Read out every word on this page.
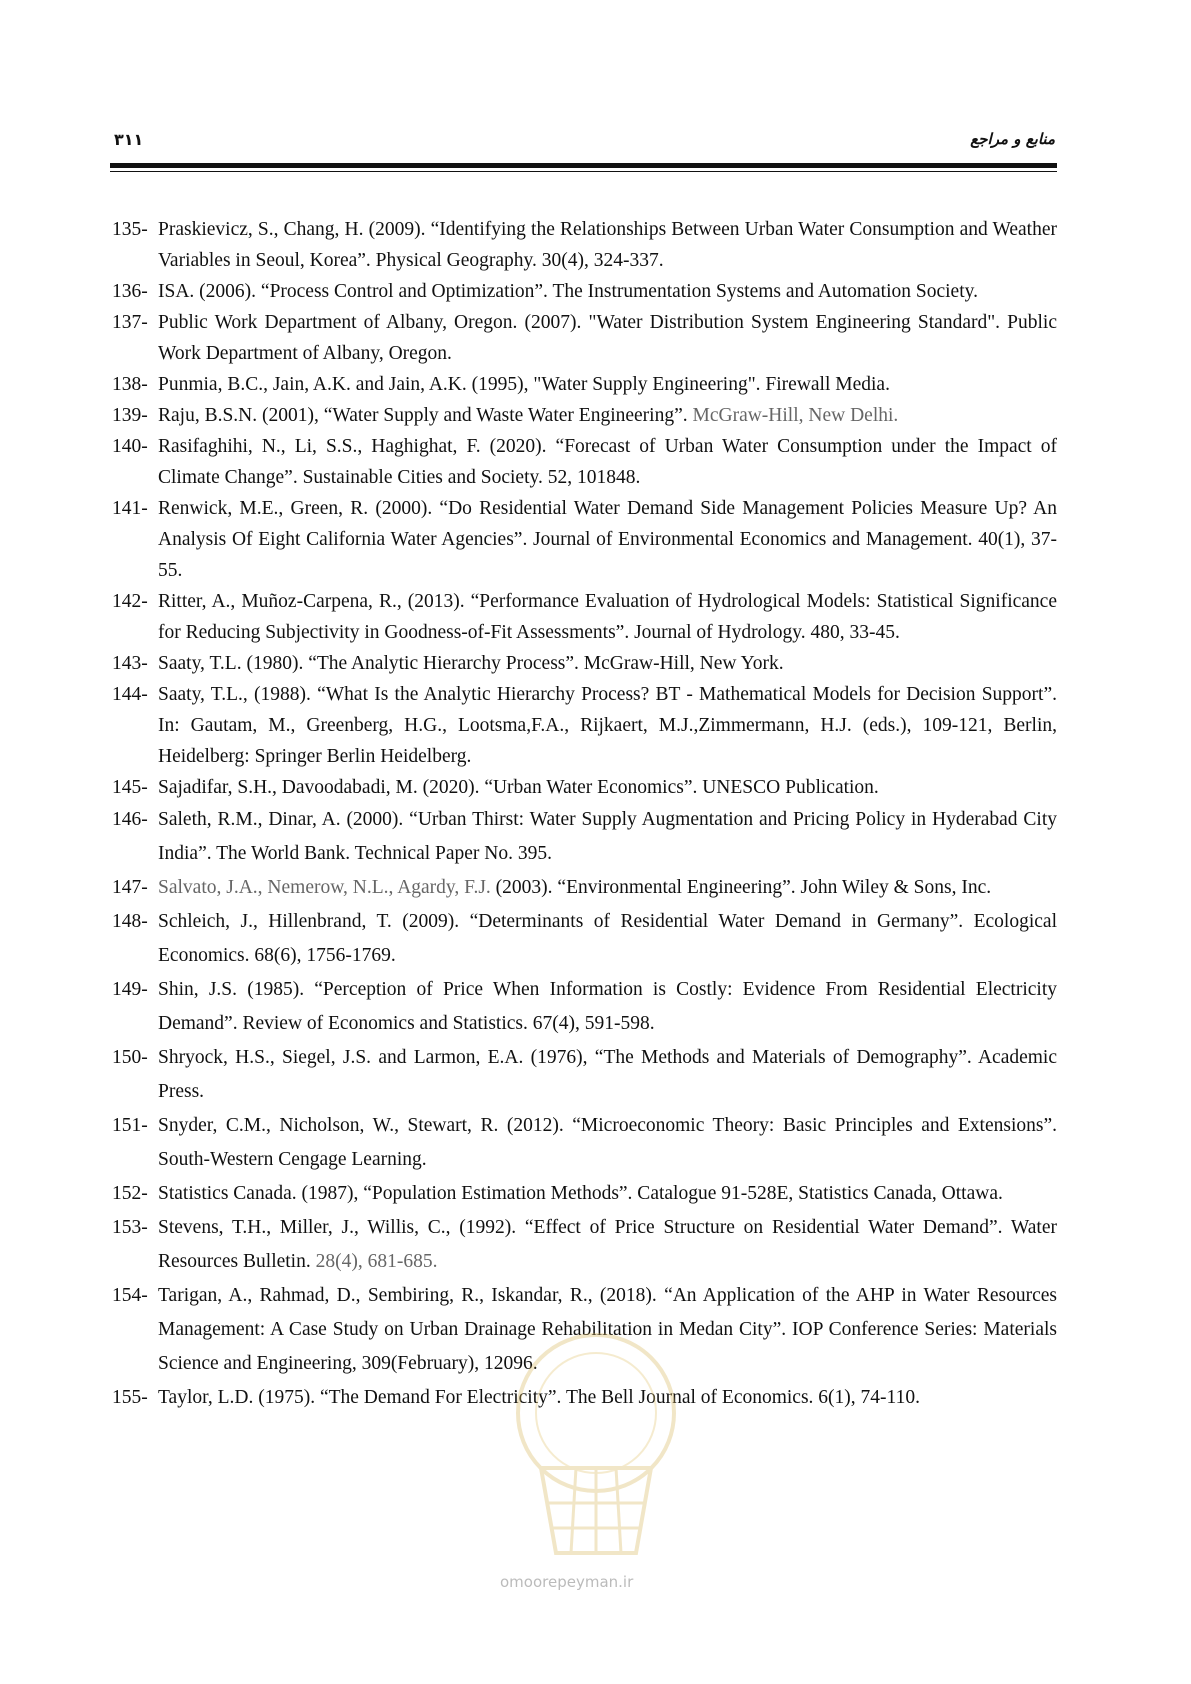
۳۱۱	منابع و مراجع
135- Praskievicz, S., Chang, H. (2009). “Identifying the Relationships Between Urban Water Consumption and Weather Variables in Seoul, Korea”. Physical Geography. 30(4), 324-337.
136- ISA. (2006). “Process Control and Optimization”. The Instrumentation Systems and Automation Society.
137- Public Work Department of Albany, Oregon. (2007). "Water Distribution System Engineering Standard". Public Work Department of Albany, Oregon.
138- Punmia, B.C., Jain, A.K. and Jain, A.K. (1995), "Water Supply Engineering". Firewall Media.
139- Raju, B.S.N. (2001), “Water Supply and Waste Water Engineering”. McGraw-Hill, New Delhi.
140- Rasifaghihi, N., Li, S.S., Haghighat, F. (2020). “Forecast of Urban Water Consumption under the Impact of Climate Change”. Sustainable Cities and Society. 52, 101848.
141- Renwick, M.E., Green, R. (2000). “Do Residential Water Demand Side Management Policies Measure Up? An Analysis Of Eight California Water Agencies”. Journal of Environmental Economics and Management. 40(1), 37-55.
142- Ritter, A., Muñoz-Carpena, R., (2013). “Performance Evaluation of Hydrological Models: Statistical Significance for Reducing Subjectivity in Goodness-of-Fit Assessments”. Journal of Hydrology. 480, 33-45.
143- Saaty, T.L. (1980). “The Analytic Hierarchy Process”. McGraw-Hill, New York.
144- Saaty, T.L., (1988). “What Is the Analytic Hierarchy Process? BT - Mathematical Models for Decision Support”. In: Gautam, M., Greenberg, H.G., Lootsma,F.A., Rijkaert, M.J.,Zimmermann, H.J. (eds.), 109-121, Berlin, Heidelberg: Springer Berlin Heidelberg.
145- Sajadifar, S.H., Davoodabadi, M. (2020). “Urban Water Economics”. UNESCO Publication.
146- Saleth, R.M., Dinar, A. (2000). “Urban Thirst: Water Supply Augmentation and Pricing Policy in Hyderabad City India”. The World Bank. Technical Paper No. 395.
147- Salvato, J.A., Nemerow, N.L., Agardy, F.J. (2003). “Environmental Engineering”. John Wiley & Sons, Inc.
148- Schleich, J., Hillenbrand, T. (2009). “Determinants of Residential Water Demand in Germany”. Ecological Economics. 68(6), 1756-1769.
149- Shin, J.S. (1985). “Perception of Price When Information is Costly: Evidence From Residential Electricity Demand”. Review of Economics and Statistics. 67(4), 591-598.
150- Shryock, H.S., Siegel, J.S. and Larmon, E.A. (1976), “The Methods and Materials of Demography”. Academic Press.
151- Snyder, C.M., Nicholson, W., Stewart, R. (2012). “Microeconomic Theory: Basic Principles and Extensions”. South-Western Cengage Learning.
152- Statistics Canada. (1987), “Population Estimation Methods”. Catalogue 91-528E, Statistics Canada, Ottawa.
153- Stevens, T.H., Miller, J., Willis, C., (1992). “Effect of Price Structure on Residential Water Demand”. Water Resources Bulletin. 28(4), 681-685.
154- Tarigan, A., Rahmad, D., Sembiring, R., Iskandar, R., (2018). “An Application of the AHP in Water Resources Management: A Case Study on Urban Drainage Rehabilitation in Medan City”. IOP Conference Series: Materials Science and Engineering, 309(February), 12096.
155- Taylor, L.D. (1975). “The Demand For Electricity”. The Bell Journal of Economics. 6(1), 74-110.
omoorepeyman.ir
